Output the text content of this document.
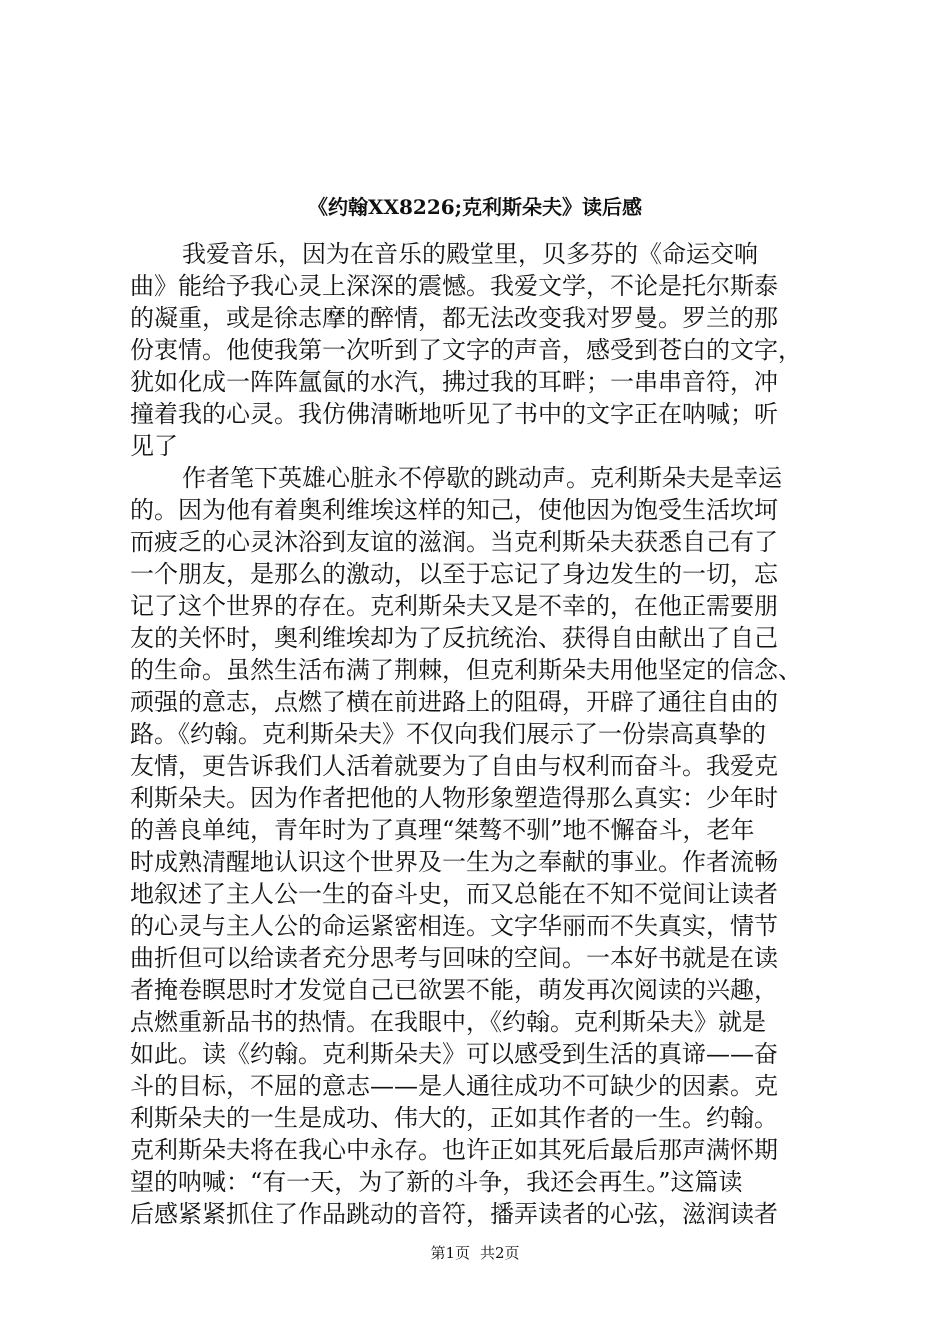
《约翰XX8226;克利斯朵夫》读后感
我爱音乐，因为在音乐的殿堂里，贝多芬的《命运交响
曲》能给予我心灵上深深的震憾。我爱文学，不论是托尔斯泰
的凝重，或是徐志摩的醉情，都无法改变我对罗曼。罗兰的那
份衷情。他使我第一次听到了文字的声音，感受到苍白的文字，
犹如化成一阵阵氲氤的水汽，拂过我的耳畔；一串串音符，冲
撞着我的心灵。我仿佛清晰地听见了书中的文字正在呐喊；听
见了
作者笔下英雄心脏永不停歇的跳动声。克利斯朵夫是幸运
的。因为他有着奥利维埃这样的知己，使他因为饱受生活坎坷
而疲乏的心灵沐浴到友谊的滋润。当克利斯朵夫获悉自己有了
一个朋友，是那么的激动，以至于忘记了身边发生的一切，忘
记了这个世界的存在。克利斯朵夫又是不幸的，在他正需要朋
友的关怀时，奥利维埃却为了反抗统治、获得自由献出了自己
的生命。虽然生活布满了荆棘，但克利斯朵夫用他坚定的信念、
顽强的意志，点燃了横在前进路上的阻碍，开辟了通往自由的
路。《约翰。克利斯朵夫》不仅向我们展示了一份崇高真挚的
友情，更告诉我们人活着就要为了自由与权利而奋斗。我爱克
利斯朵夫。因为作者把他的人物形象塑造得那么真实：少年时
的善良单纯，青年时为了真理“桀骜不驯”地不懈奋斗，老年
时成熟清醒地认识这个世界及一生为之奉献的事业。作者流畅
地叙述了主人公一生的奋斗史，而又总能在不知不觉间让读者
的心灵与主人公的命运紧密相连。文字华丽而不失真实，情节
曲折但可以给读者充分思考与回味的空间。一本好书就是在读
者掩卷瞑思时才发觉自己已欲罢不能，萌发再次阅读的兴趣，
点燃重新品书的热情。在我眼中，《约翰。克利斯朵夫》就是
如此。读《约翰。克利斯朵夫》可以感受到生活的真谛——奋
斗的目标，不屈的意志——是人通往成功不可缺少的因素。克
利斯朵夫的一生是成功、伟大的，正如其作者的一生。约翰。
克利斯朵夫将在我心中永存。也许正如其死后最后那声满怀期
望的呐喊：“有一天，为了新的斗争，我还会再生。”这篇读
后感紧紧抓住了作品跳动的音符，播弄读者的心弦，滋润读者
第1页 共2页
